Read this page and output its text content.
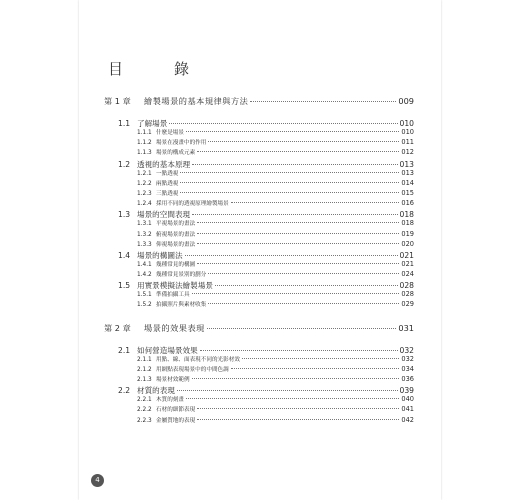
目　錄
第 1 章	繪製場景的基本規律與方法	009
1.1 了解場景	010
1.1.1 什麼是場景	010
1.1.2 場景在漫畫中的作用	011
1.1.3 場景的構成元素	012
1.2 透視的基本原理	013
1.2.1 一點透視	013
1.2.2 兩點透視	014
1.2.3 三點透視	015
1.2.4 採用不同的透視原理繪製場景	016
1.3 場景的空間表現	018
1.3.1 平視場景的畫法	018
1.3.2 俯視場景的畫法	019
1.3.3 仰視場景的畫法	020
1.4 場景的構圖法	021
1.4.1 幾種常見的構圖	021
1.4.2 幾種常見景別的劃分	024
1.5 用實景模擬法繪製場景	028
1.5.1 準備拍攝工具	028
1.5.2 拍攝照片與素材收集	029
第 2 章	場景的效果表現	031
2.1 如何營造場景效果	032
2.1.1 用點、線、面表現不同的光影材效	032
2.1.2 用網點表現場景中的中間色調	034
2.1.3 場景材效範例	036
2.2 材質的表現	039
2.2.1 木質的刻畫	040
2.2.2 石材的細節表現	041
2.2.3 金屬質地的表現	042
4
